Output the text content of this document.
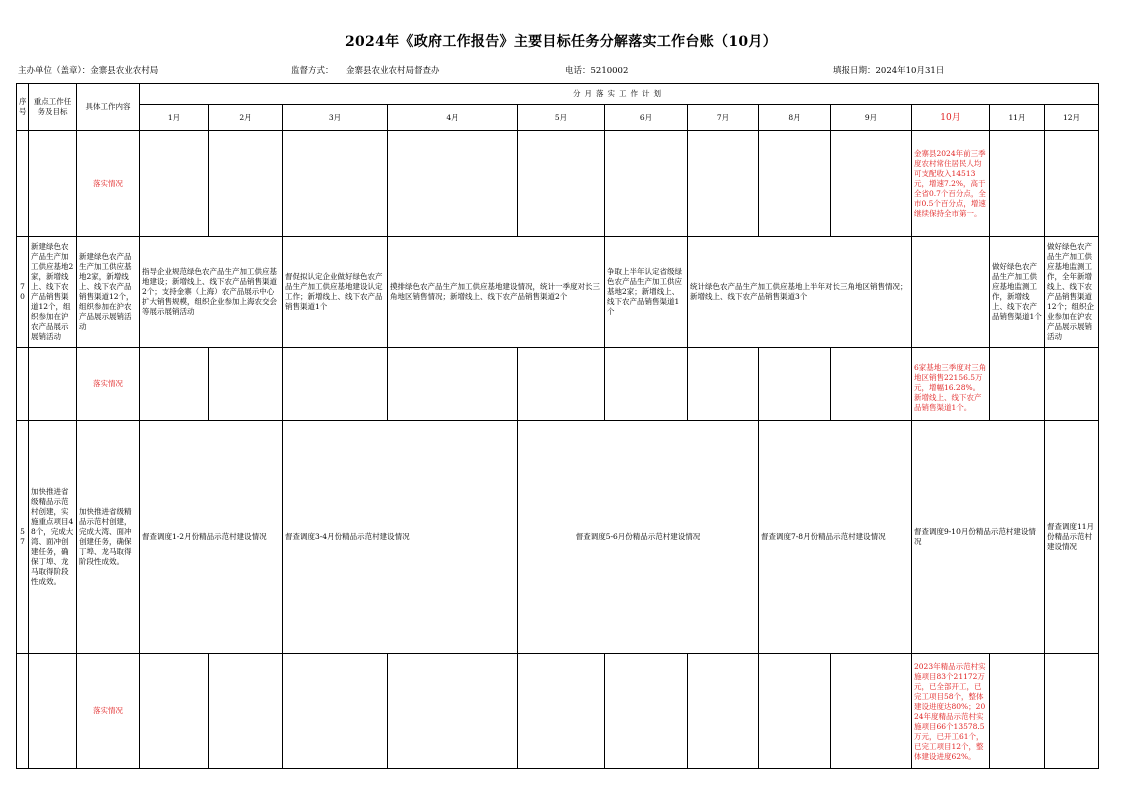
2024年《政府工作报告》主要目标任务分解落实工作台账（10月）
主办单位（盖章）：金寨县农业农村局	监督方式： 金寨县农业农村局督查办	电话：5210002	填报日期：2024年10月31日
序号	重点工作任务及目标	具体工作内容	分月落实工作计划												
			1月	2月	3月	4月	5月	6月	7月	8月	9月	10月	11月	12月	
		落实情况										金寨县2024年前三季度农村常住居民人均可支配收入14513元，增速7.2%，高于全省0.7个百分点，全市0.5个百分点，增速继续保持全市第一。			
70	新建绿色农产品生产加工供应基地2家，新增线上、线下农产品销售渠道12个，组织参加在沪农产品展示展销活动	新建绿色农产品生产加工供应基地2家，新增线上、线下农产品销售渠道12个，组织参加在沪农产品展示展销活动	指导企业规范绿色农产品生产加工供应基地建设；新增线上、线下农产品销售渠道2个；支持金寨（上海）农产品展示中心扩大销售规模，组织企业参加上海农交会等展示展销活动		督促拟认定企业做好绿色农产品生产加工供应基地建设认定工作；新增线上、线下农产品销售渠道1个	摸排绿色农产品生产加工供应基地建设情况，统计一季度对长三角地区销售情况；新增线上、线下农产品销售渠道2个		争取上半年认定省级绿色农产品生产加工供应基地2家；新增线上、线下农产品销售渠道1个	统计绿色农产品生产加工供应基地上半年对长三角地区销售情况；新增线上、线下农产品销售渠道3个				做好绿色农产品生产加工供应基地监测工作，新增线上、线下农产品销售渠道1个	做好绿色农产品生产加工供应基地监测工作，全年新增线上、线下农产品销售渠道12个；组织企业参加在沪农产品展示展销活动	
		落实情况										6家基地三季度对三角地区销售22156.5万元，增幅16.28%。新增线上、线下农产品销售渠道1个。			
57	加快推进省级精品示范村创建，实施重点项目48个，完成大湾、面冲创建任务，确保丁埠、龙马取得阶段性成效。	加快推进省级精品示范村创建，完成大湾、面冲创建任务，确保丁埠、龙马取得阶段性成效。	督查调度1-2月份精品示范村建设情况		督查调度3-4月份精品示范村建设情况		督查调度5-6月份精品示范村建设情况			督查调度7-8月份精品示范村建设情况		督查调度9-10月份精品示范村建设情况		督查调度11月份精品示范村建设情况	
		落实情况										2023年精品示范村实施项目83个21172万元，已全部开工，已完工项目58个，整体建设进度达80%；2024年度精品示范村实施项目66个13578.5万元，已开工61个，已完工项目12个，整体建设进度62%。			
